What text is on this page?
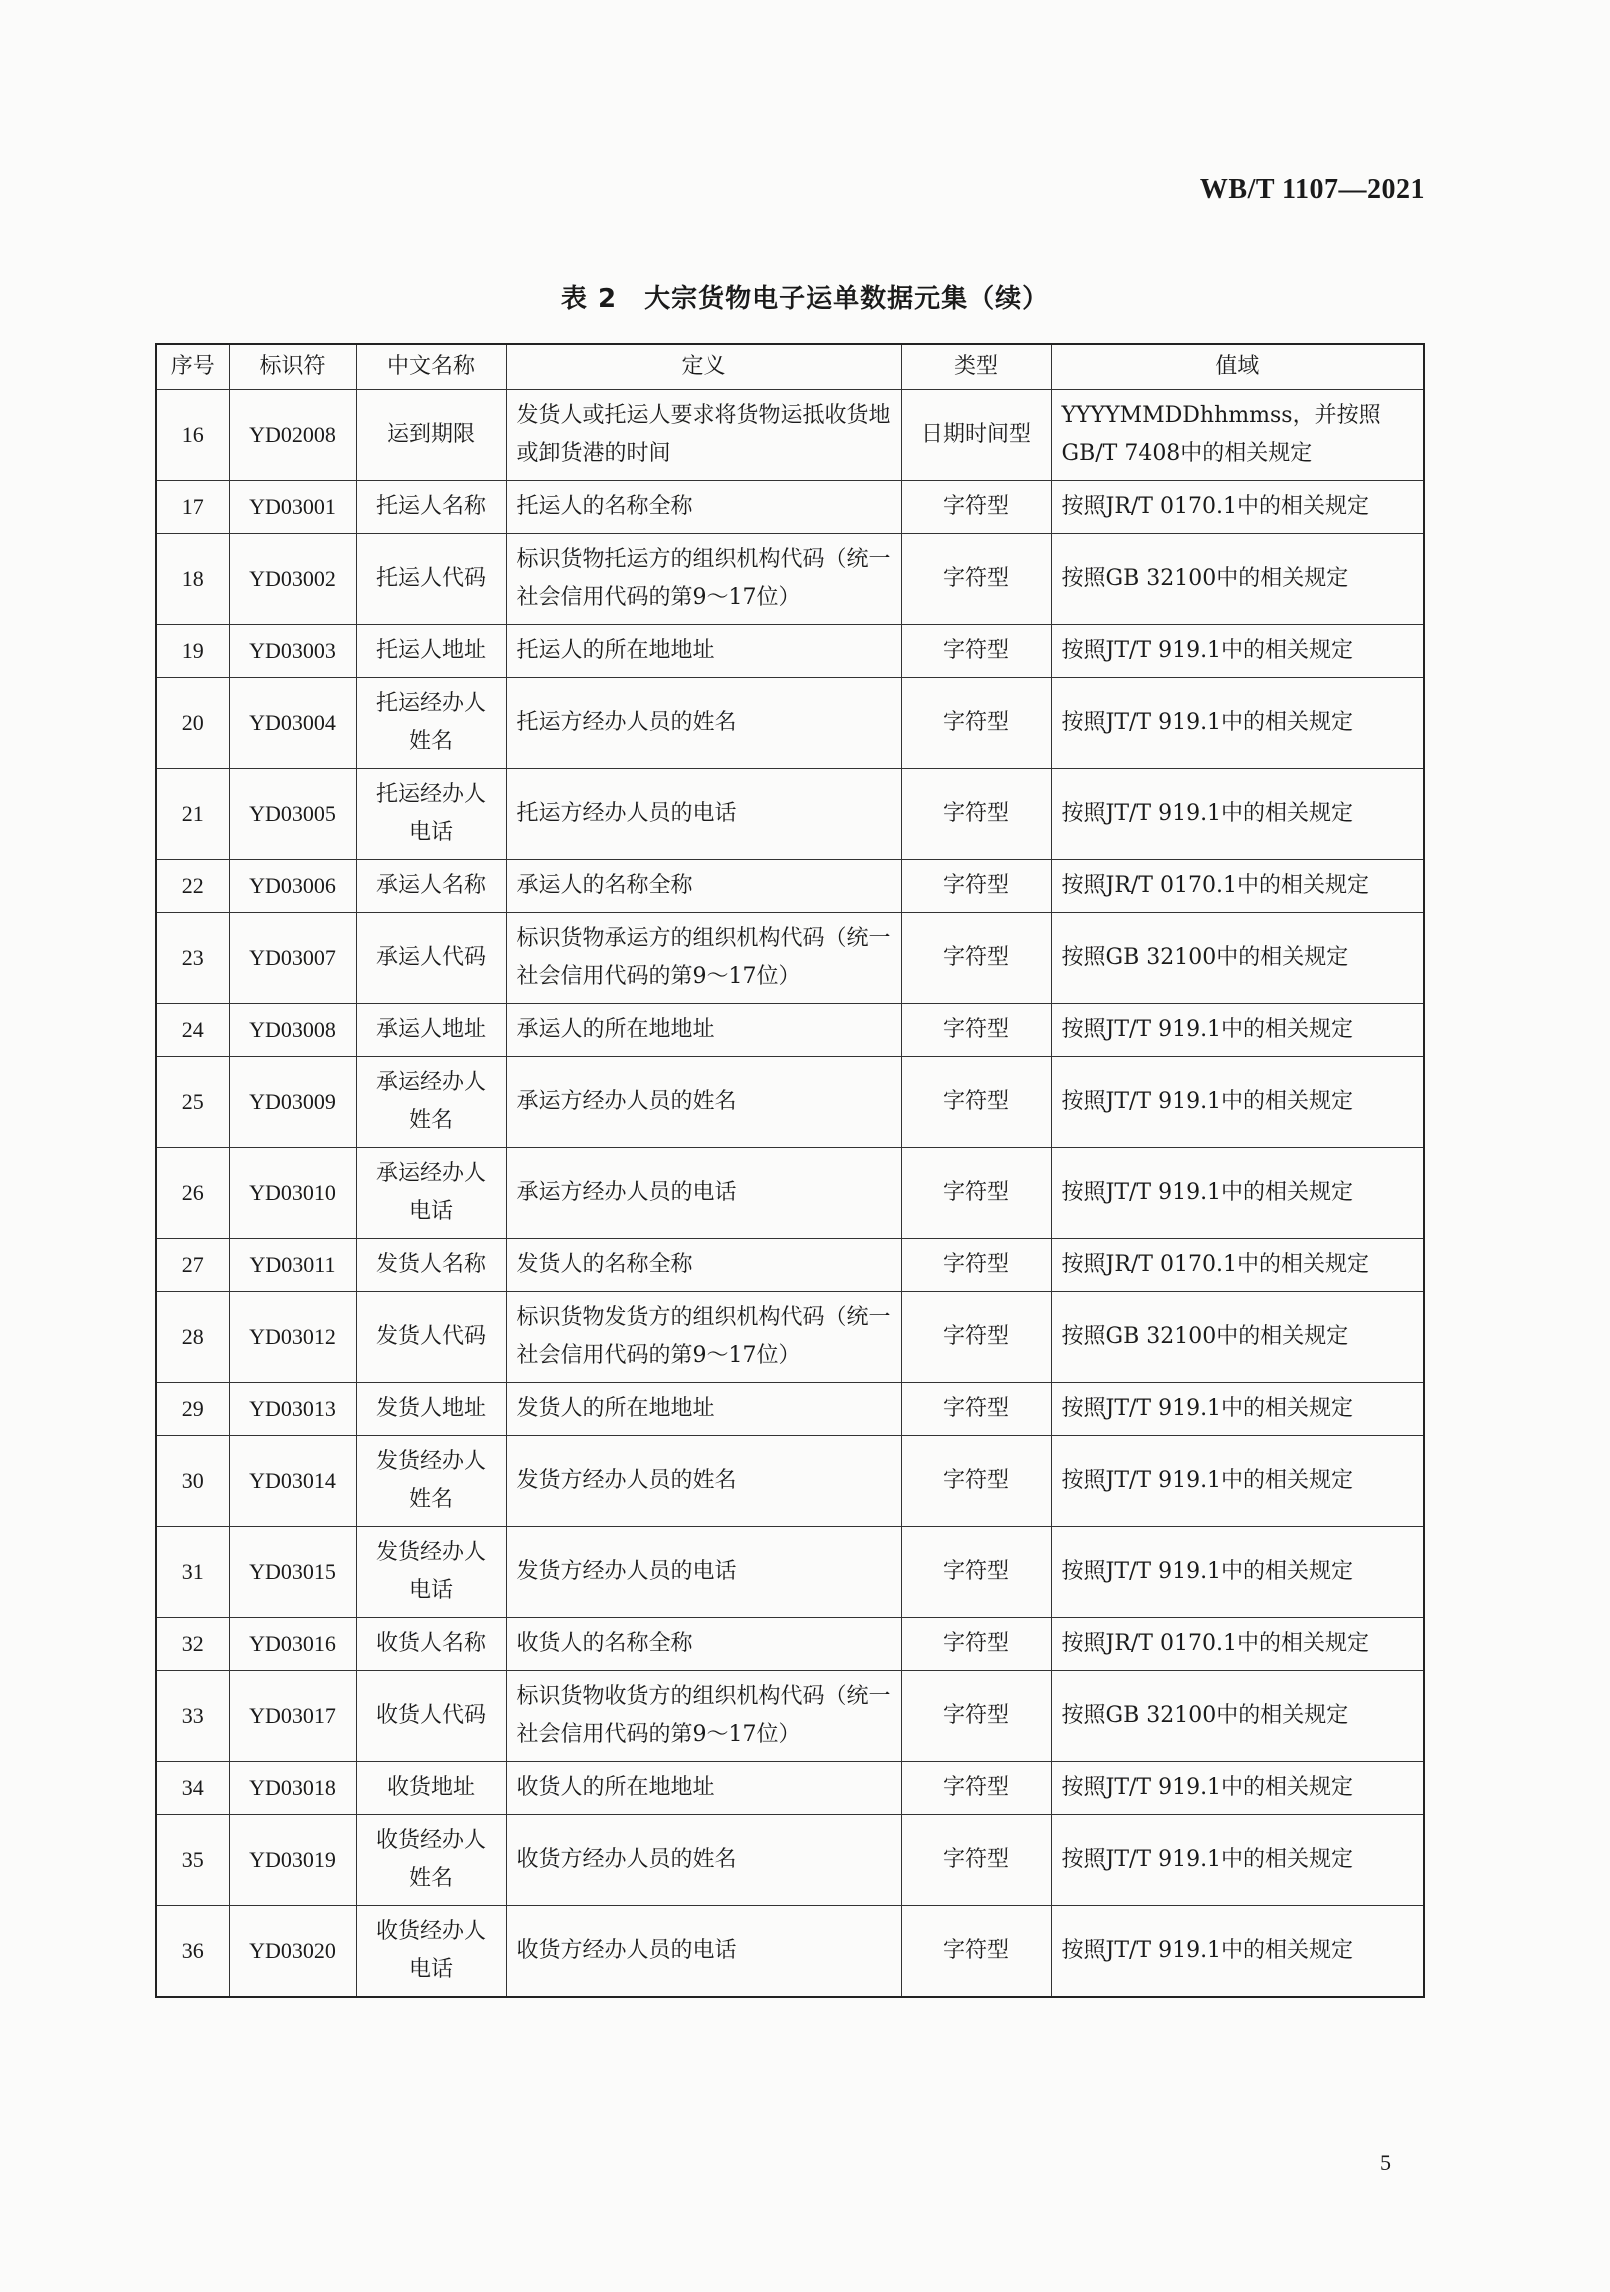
WB/T 1107—2021
表 2　大宗货物电子运单数据元集（续）
序号	标识符	中文名称	定义	类型	值域
16	YD02008	运到期限	发货人或托运人要求将货物运抵收货地或卸货港的时间	日期时间型	YYYYMMDDhhmmss，并按照GB/T 7408中的相关规定
17	YD03001	托运人名称	托运人的名称全称	字符型	按照JR/T 0170.1中的相关规定
18	YD03002	托运人代码	标识货物托运方的组织机构代码（统一社会信用代码的第9～17位）	字符型	按照GB 32100中的相关规定
19	YD03003	托运人地址	托运人的所在地地址	字符型	按照JT/T 919.1中的相关规定
20	YD03004	托运经办人姓名	托运方经办人员的姓名	字符型	按照JT/T 919.1中的相关规定
21	YD03005	托运经办人电话	托运方经办人员的电话	字符型	按照JT/T 919.1中的相关规定
22	YD03006	承运人名称	承运人的名称全称	字符型	按照JR/T 0170.1中的相关规定
23	YD03007	承运人代码	标识货物承运方的组织机构代码（统一社会信用代码的第9～17位）	字符型	按照GB 32100中的相关规定
24	YD03008	承运人地址	承运人的所在地地址	字符型	按照JT/T 919.1中的相关规定
25	YD03009	承运经办人姓名	承运方经办人员的姓名	字符型	按照JT/T 919.1中的相关规定
26	YD03010	承运经办人电话	承运方经办人员的电话	字符型	按照JT/T 919.1中的相关规定
27	YD03011	发货人名称	发货人的名称全称	字符型	按照JR/T 0170.1中的相关规定
28	YD03012	发货人代码	标识货物发货方的组织机构代码（统一社会信用代码的第9～17位）	字符型	按照GB 32100中的相关规定
29	YD03013	发货人地址	发货人的所在地地址	字符型	按照JT/T 919.1中的相关规定
30	YD03014	发货经办人姓名	发货方经办人员的姓名	字符型	按照JT/T 919.1中的相关规定
31	YD03015	发货经办人电话	发货方经办人员的电话	字符型	按照JT/T 919.1中的相关规定
32	YD03016	收货人名称	收货人的名称全称	字符型	按照JR/T 0170.1中的相关规定
33	YD03017	收货人代码	标识货物收货方的组织机构代码（统一社会信用代码的第9～17位）	字符型	按照GB 32100中的相关规定
34	YD03018	收货地址	收货人的所在地地址	字符型	按照JT/T 919.1中的相关规定
35	YD03019	收货经办人姓名	收货方经办人员的姓名	字符型	按照JT/T 919.1中的相关规定
36	YD03020	收货经办人电话	收货方经办人员的电话	字符型	按照JT/T 919.1中的相关规定
5
